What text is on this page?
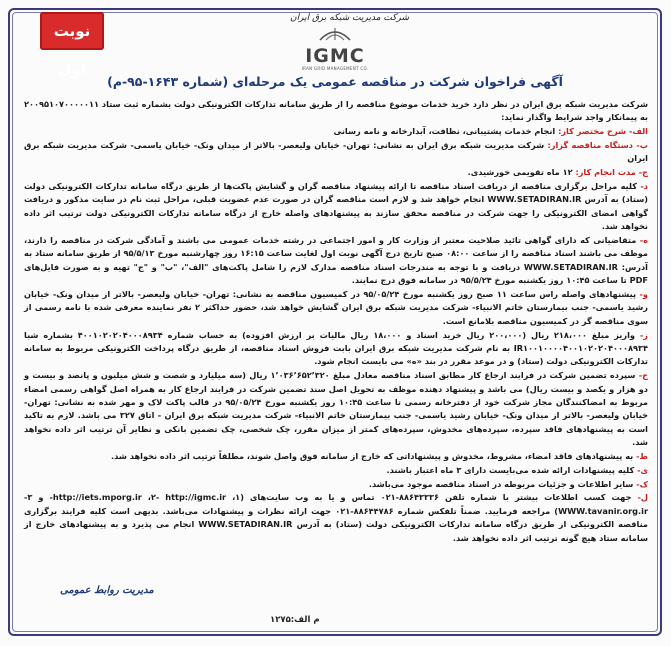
نوبت اول
شرکت مدیریت شبکه برق ایران
IGMC
IRAN GRID MANAGEMENT CO.
آگهی فراخوان شرکت در مناقصه عمومی یک مرحله‌ای (شماره ۱۶۴۳-۹۵-م)

شرکت مدیریت شبکه برق ایران در نظر دارد خرید خدمات موضوع مناقصه را از طریق سامانه تدارکات الکترونیکی دولت بشماره ثبت ستاد ۲۰۰۹۵۱۰۷۰۰۰۰۰۱۱ به پیمانکار واجد شرایط واگذار نماید:

الف- شرح مختصر کار: انجام خدمات پشتیبانی، نظافت، آبدارخانه و نامه رسانی

ب- دستگاه مناقصه گزار: شرکت مدیریت شبکه برق ایران به نشانی: تهران- خیابان ولیعصر- بالاتر از میدان ونک- خیابان یاسمی- شرکت مدیریت شبکه برق ایران

ج- مدت انجام کار: ۱۲ ماه تقویمی خورشیدی.

د- کلیه مراحل برگزاری مناقصه از دریافت اسناد مناقصه تا ارائه پیشنهاد مناقصه گران و گشایش پاکت‌ها از طریق درگاه سامانه تدارکات الکترونیکی دولت (ستاد) به آدرس WWW.SETADIRAN.IR انجام خواهد شد و لازم است مناقصه گران در صورت عدم عضویت قبلی، مراحل ثبت نام در سایت مذکور و دریافت گواهی امضای الکترونیکی را جهت شرکت در مناقصه محقق سازند به پیشنهادهای واصله خارج از درگاه سامانه تدارکات الکترونیکی دولت ترتیب اثر داده نخواهد شد.

ه- متقاضیانی که دارای گواهی تائید صلاحیت معتبر از وزارت کار و امور اجتماعی در رشته خدمات عمومی می باشند و آمادگی شرکت در مناقصه را دارند، موظف می باشند اسناد مناقصه را از ساعت ۰۸:۰۰ صبح تاریخ درج آگهی نوبت اول لغایت ساعت ۱۶:۱۵ روز چهارشنبه مورخ ۹۵/۵/۱۳ از طریق سامانه ستاد به آدرس: WWW.SETADIRAN.IR دریافت و با توجه به مندرجات اسناد مناقصه مدارک لازم را شامل پاکت‌های "الف"، "ب" و "ج" تهیه و به صورت فایل‌های PDF تا ساعت ۱۰:۴۵ روز یکشنبه مورخ ۹۵/۵/۲۴ در سامانه فوق درج نمایند.

و- پیشنهادهای واصله راس ساعت ۱۱ صبح روز یکشنبه مورخ ۹۵/۰۵/۲۴ در کمیسیون مناقصه به نشانی: تهران- خیابان ولیعصر- بالاتر از میدان ونک- خیابان رشید یاسمی- جنب بیمارستان خاتم الانبیاء- شرکت مدیریت شبکه برق ایران گشایش خواهد شد، حضور حداکثر ۲ نفر نماینده معرفی شده با نامه رسمی از سوی مناقصه گر در کمیسیون مناقصه بلامانع است.

ز- واریز مبلغ ۲۱۸،۰۰۰ ریال (۲۰۰،۰۰۰ ریال خرید اسناد و ۱۸،۰۰۰ ریال مالیات بر ارزش افزوده) به حساب شماره ۴۰۰۱۰۲۰۲۰۴۰۰۰۸۹۳۴ بشماره شبا IR۱۰۰۱۰۰۰۰۴۰۰۱۰۲۰۲۰۴۰۰۰۸۹۳۴ به نام شرکت مدیریت شبکه برق ایران بابت فروش اسناد مناقصه، از طریق درگاه پرداخت الکترونیکی مربوط به سامانه تدارکات الکترونیکی دولت (ستاد) و در موعد مقرر در بند «ه» می بایست انجام شود.

ح- سپرده تضمین شرکت در فرایند ارجاع کار مطابق اسناد مناقصه معادل مبلغ ۱٬۰۳۶٬۶۵۲٬۳۲۰ ریال (سه میلیارد و شصت و شش میلیون و پانصد و بیست و دو هزار و یکصد و بیست ریال) می باشد و پیشنهاد دهنده موظف به تحویل اصل سند تضمین شرکت در فرایند ارجاع کار به همراه اصل گواهی رسمی امضاء مربوط به امضاکنندگان مجاز شرکت خود از دفترخانه رسمی تا ساعت ۱۰:۴۵ روز یکشنبه مورخ ۹۵/۰۵/۲۴ در قالب پاکت لاک و مهر شده به نشانی: تهران- خیابان ولیعصر- بالاتر از میدان ونک- خیابان رشید یاسمی- جنب بیمارستان خاتم الانبیاء- شرکت مدیریت شبکه برق ایران - اتاق ۳۲۷ می باشد. لازم به تاکید است به پیشنهادهای فاقد سپرده، سپرده‌های مخدوش، سپرده‌های کمتر از میزان مقرر، چک شخصی، چک تضمین بانکی و نظایر آن ترتیب اثر داده نخواهد شد.

ط- به پیشنهادهای فاقد امضاء، مشروط، مخدوش و پیشنهاداتی که خارج از سامانه فوق واصل شوند، مطلقاً ترتیب اثر داده نخواهد شد.

ی- کلیه پیشنهادات ارائه شده می‌بایست دارای ۳ ماه اعتبار باشند.

ک- سایر اطلاعات و جزئیات مربوطه در اسناد مناقصه موجود می‌باشد.

ل- جهت کسب اطلاعات بیشتر با شماره تلفن ۸۸۶۴۳۳۳۶-۰۲۱ تماس و یا به وب سایت‌های (http://iets.mporg.ir ،۲- http://igmc.ir ،۱- و ۳- WWW.tavanir.org.ir) مراجعه فرمایید. ضمناً تلفکس شماره ۸۸۶۴۴۷۸۶-۰۲۱ جهت ارائه نظرات و پیشنهادات می‌باشد. بدیهی است کلیه فرایند برگزاری مناقصه الکترونیکی از طریق درگاه سامانه تدارکات الکترونیکی دولت (ستاد) به آدرس WWW.SETADIRAN.IR انجام می پذیرد و به پیشنهادهای خارج از سامانه ستاد هیچ گونه ترتیب اثر داده نخواهد شد.

مدیریت روابط عمومی
م الف:۱۲۷۵
